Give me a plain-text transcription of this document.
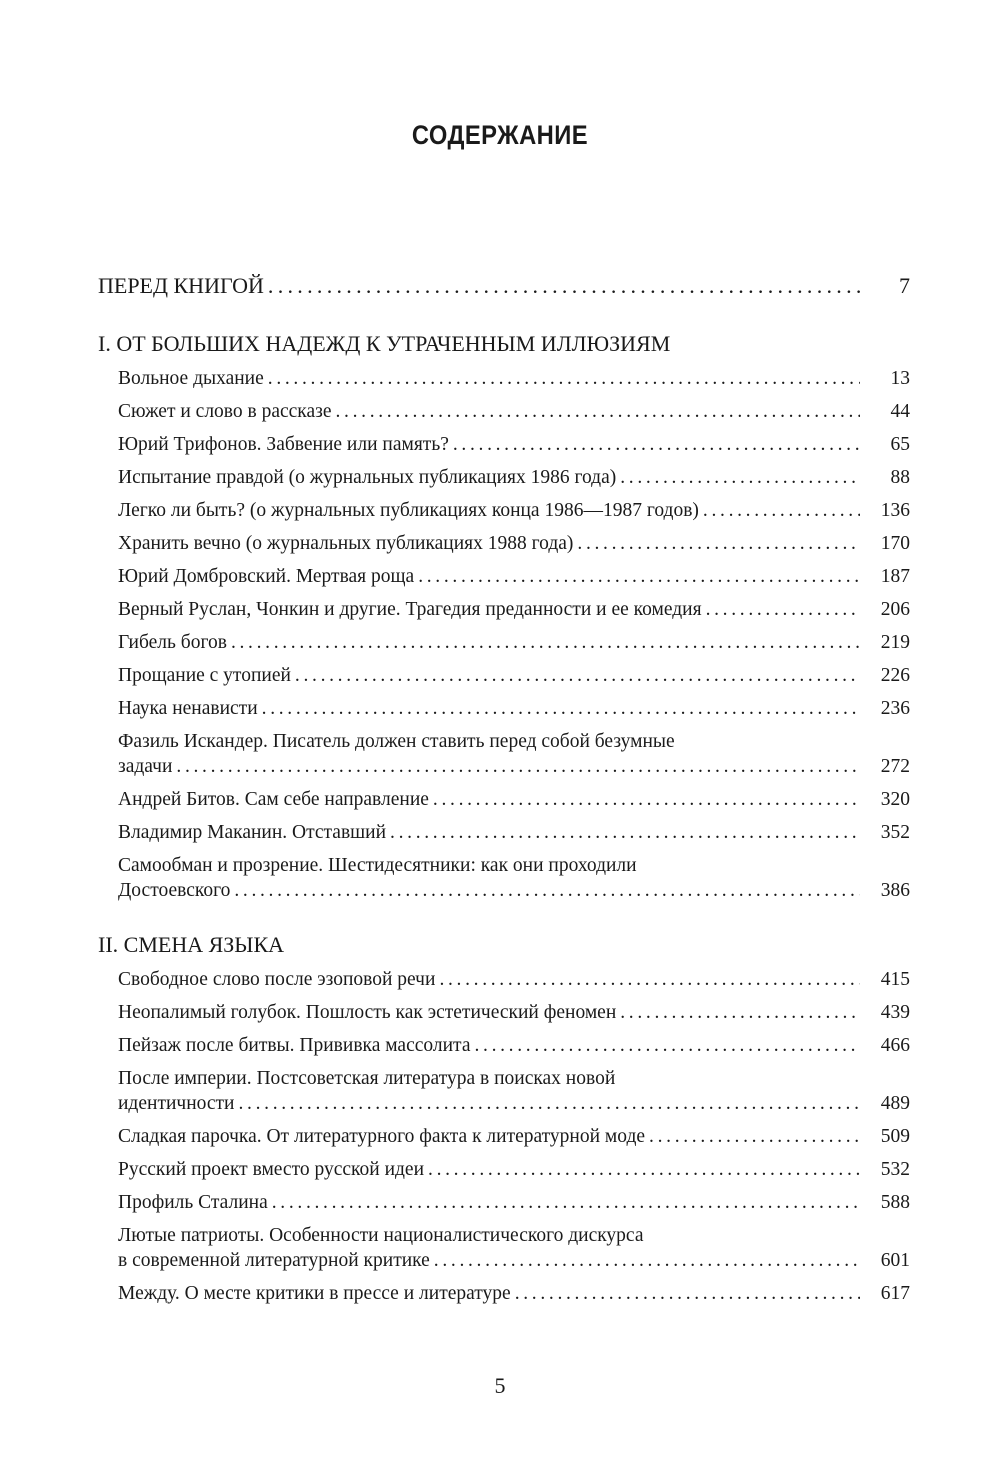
СОДЕРЖАНИЕ
ПЕРЕД КНИГОЙ . . .	7
I. ОТ БОЛЬШИХ НАДЕЖД К УТРАЧЕННЫМ ИЛЛЮЗИЯМ
Вольное дыхание . . .	13
Сюжет и слово в рассказе . . .	44
Юрий Трифонов. Забвение или память? . . .	65
Испытание правдой (о журнальных публикациях 1986 года) . . .	88
Легко ли быть? (о журнальных публикациях конца 1986—1987 годов) . . .	136
Хранить вечно (о журнальных публикациях 1988 года) . . .	170
Юрий Домбровский. Мертвая роща . . .	187
Верный Руслан, Чонкин и другие. Трагедия преданности и ее комедия . . .	206
Гибель богов . . .	219
Прощание с утопией . . .	226
Наука ненависти . . .	236
Фазиль Искандер. Писатель должен ставить перед собой безумные
задачи . . .	272
Андрей Битов. Сам себе направление . . .	320
Владимир Маканин. Отставший . . .	352
Самообман и прозрение. Шестидесятники: как они проходили
Достоевского . . .	386
II. СМЕНА ЯЗЫКА
Свободное слово после эзоповой речи . . .	415
Неопалимый голубок. Пошлость как эстетический феномен . . .	439
Пейзаж после битвы. Прививка массолита . . .	466
После империи. Постсоветская литература в поисках новой
идентичности . . .	489
Сладкая парочка. От литературного факта к литературной моде . . .	509
Русский проект вместо русской идеи . . .	532
Профиль Сталина . . .	588
Лютые патриоты. Особенности националистического дискурса
в современной литературной критике . . .	601
Между. О месте критики в прессе и литературе . . .	617
5
